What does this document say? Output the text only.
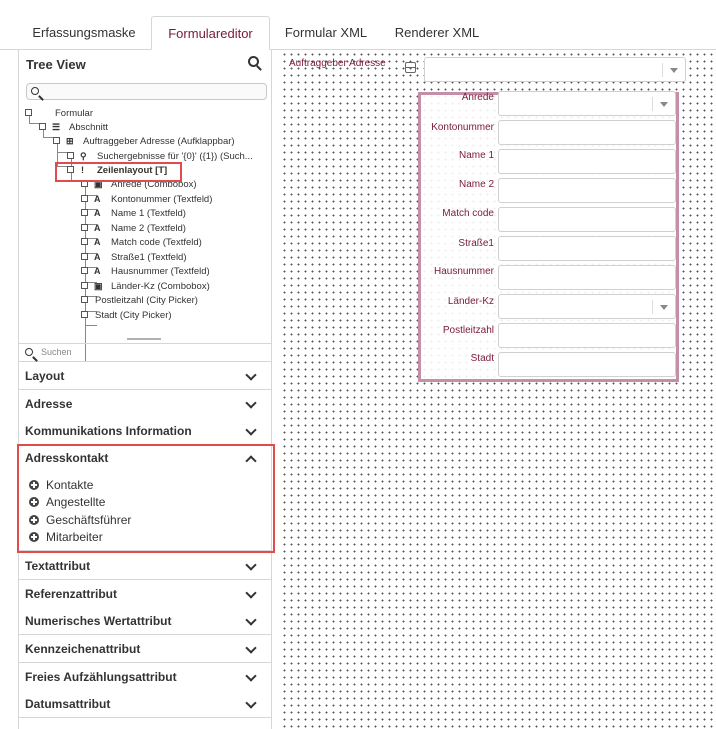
Erfassungsmaske	Formulareditor	Formular XML	Renderer XML
Tree View
Formular
☰ Abschnitt
⊞ Auftraggeber Adresse (Aufklappbar)
⚲ Suchergebnisse für '{0}' ({1}) (Such...
! Zeilenlayout [T]
▣ Anrede (Combobox)
A Kontonummer (Textfeld)
A Name 1 (Textfeld)
A Name 2 (Textfeld)
A Match code (Textfeld)
A Straße1 (Textfeld)
A Hausnummer (Textfeld)
▣ Länder-Kz (Combobox)
Postleitzahl (City Picker)
Stadt (City Picker)
Suchen
Layout
Adresse
Kommunikations Information
Adresskontakt
Kontakte
Angestellte
Geschäftsführer
Mitarbeiter
Textattribut
Referenzattribut
Numerisches Wertattribut
Kennzeichenattribut
Freies Aufzählungsattribut
Datumsattribut
Auftraggeber Adresse
Anrede
Kontonummer
Name 1
Name 2
Match code
Straße1
Hausnummer
Länder-Kz
Postleitzahl
Stadt
